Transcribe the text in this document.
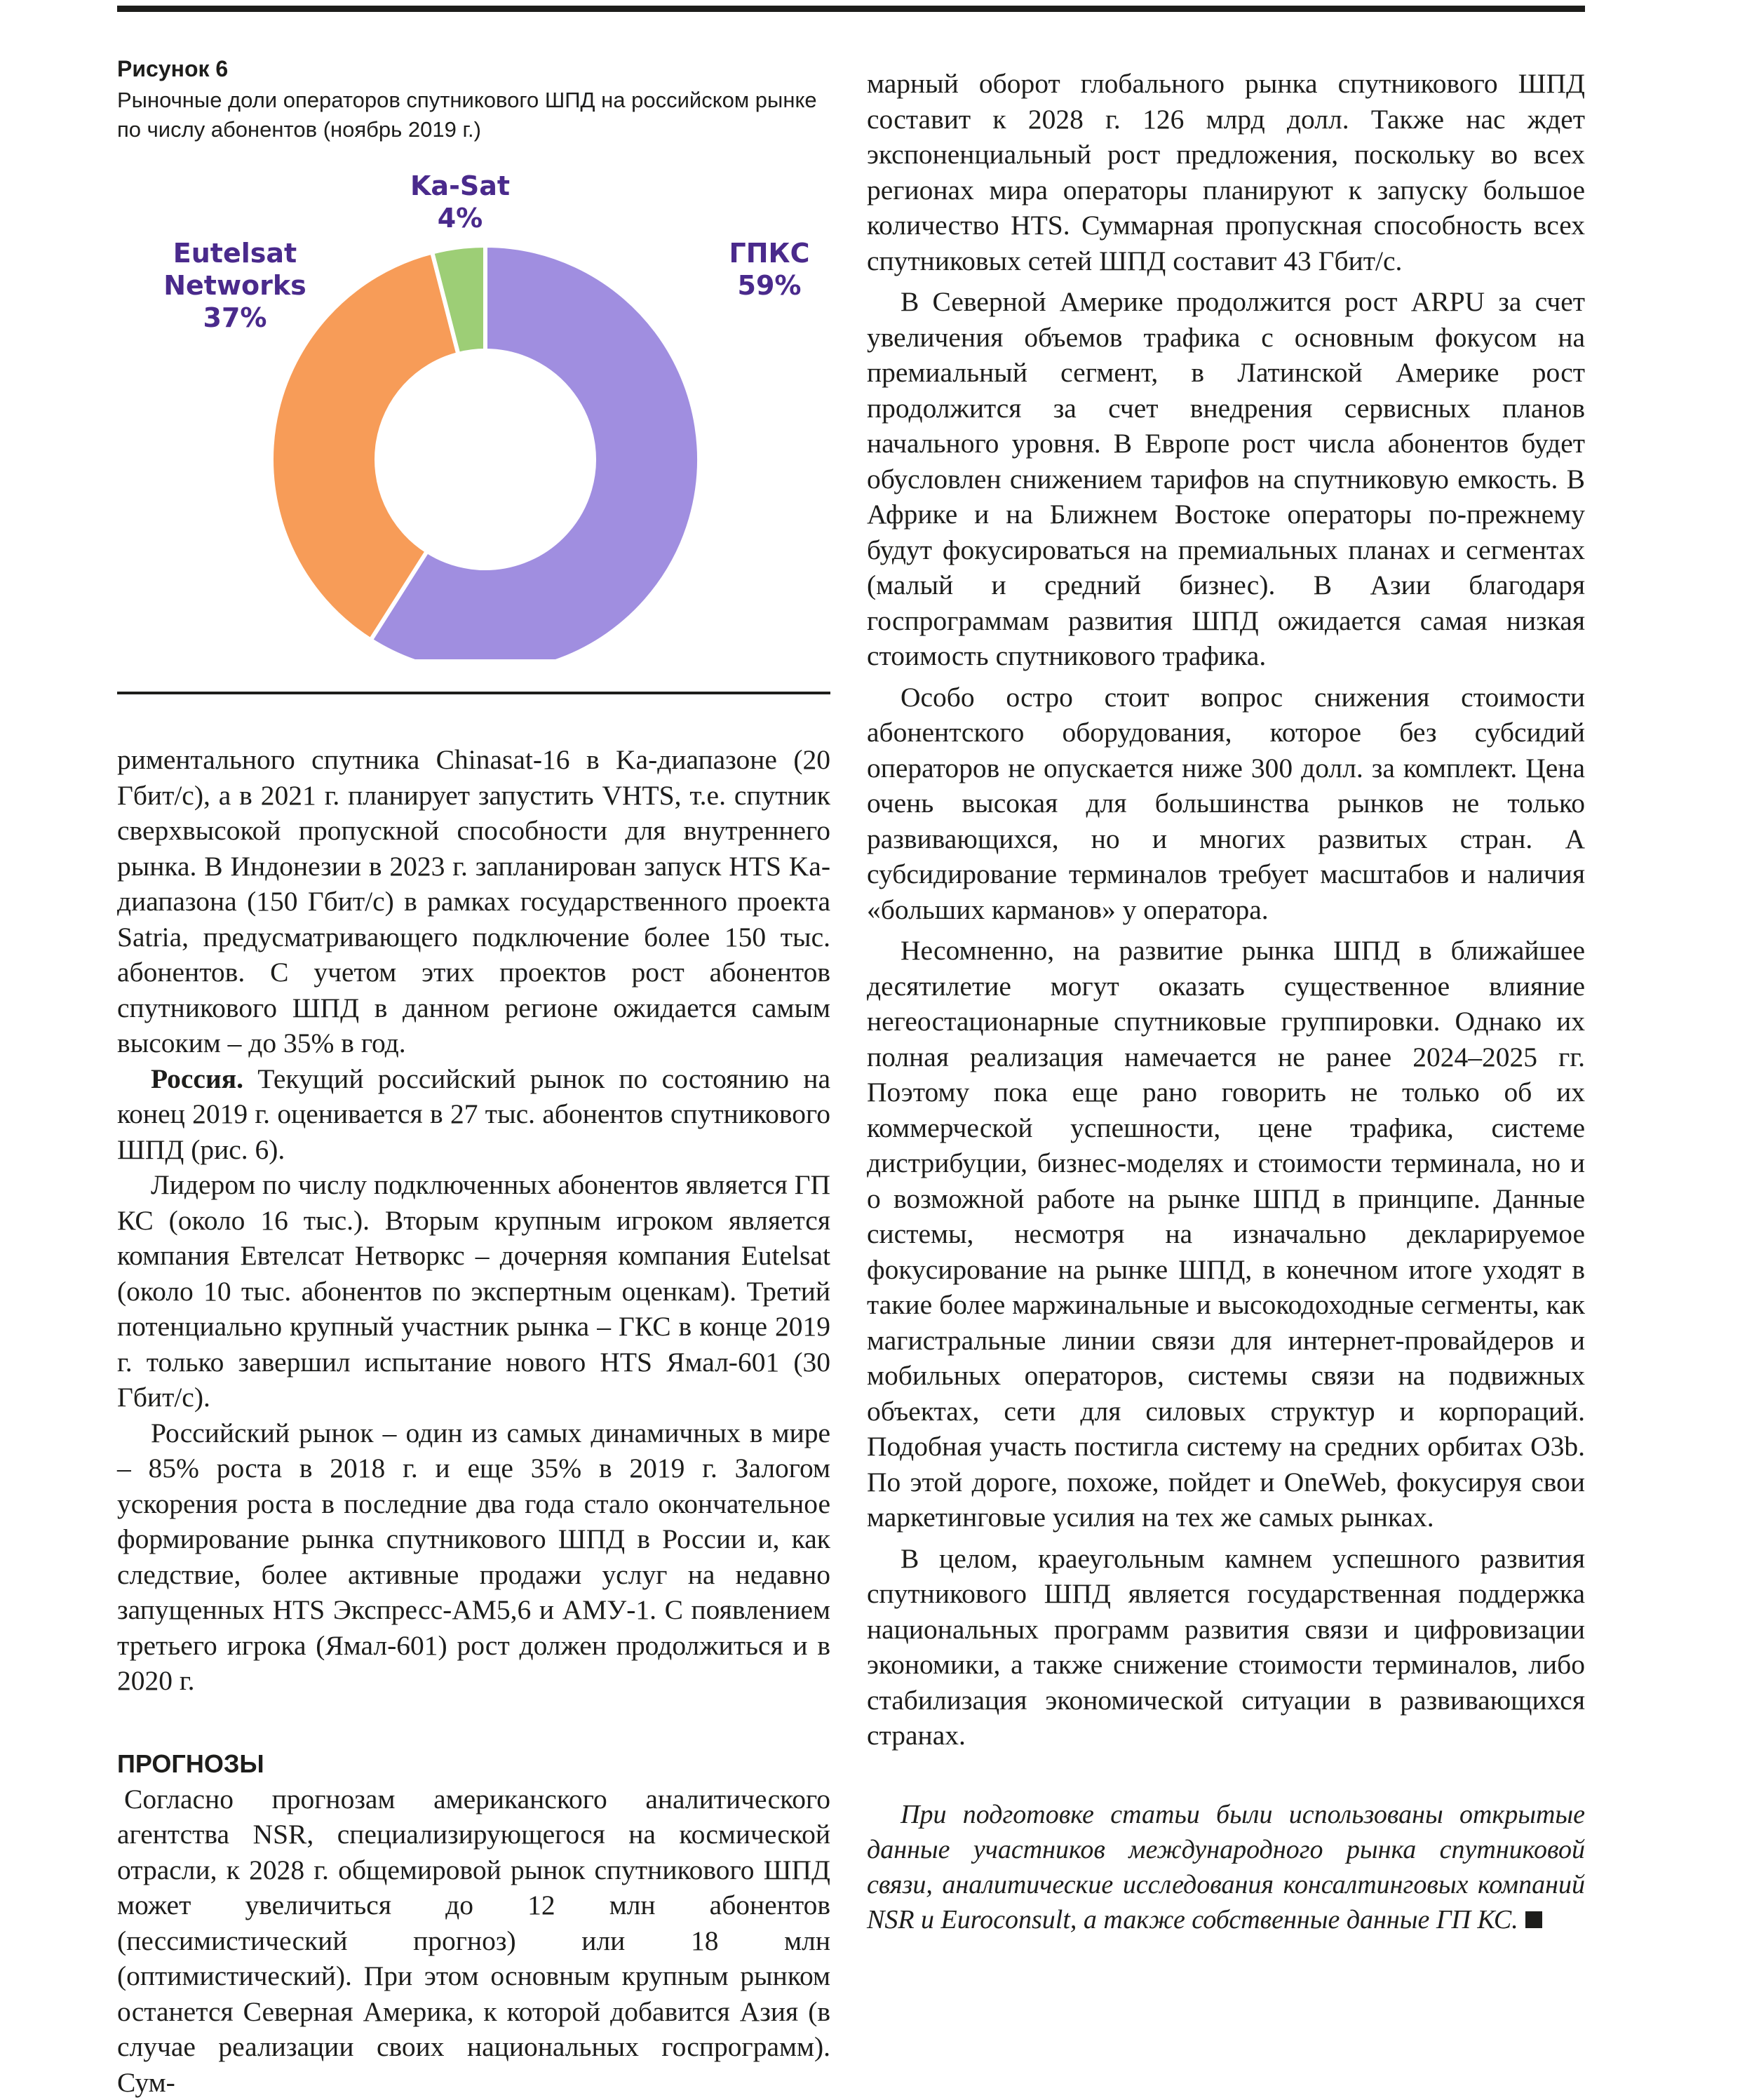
Рисунок 6
Рыночные доли операторов спутникового ШПД на российском рынке по числу абонентов (ноябрь 2019 г.)
ГПКС
59%
Eutelsat
Networks
37%
Ka-Sat
4%

риментального спутника Chinasat-16 в Ka-диапазоне (20 Гбит/с), а в 2021 г. планирует запустить VHTS, т.е. спутник сверхвысокой пропускной способности для внутреннего рынка. В Индонезии в 2023 г. запланирован запуск HTS Ka-диапазона (150 Гбит/с) в рамках государственного проекта Satria, предусматривающего подключение более 150 тыс. абонентов. С учетом этих проектов рост абонентов спутникового ШПД в данном регионе ожидается самым высоким – до 35% в год.

Россия. Текущий российский рынок по состоянию на конец 2019 г. оценивается в 27 тыс. абонентов спутникового ШПД (рис. 6).

Лидером по числу подключенных абонентов является ГП КС (около 16 тыс.). Вторым крупным игроком является компания Евтелсат Нетворкс – дочерняя компания Eutelsat (около 10 тыс. абонентов по экспертным оценкам). Третий потенциально крупный участник рынка – ГКС в конце 2019 г. только завершил испытание нового HTS Ямал-601 (30 Гбит/с).

Российский рынок – один из самых динамичных в мире – 85% роста в 2018 г. и еще 35% в 2019 г. Залогом ускорения роста в последние два года стало окончательное формирование рынка спутникового ШПД в России и, как следствие, более активные продажи услуг на недавно запущенных HTS Экспресс-АМ5,6 и АМУ-1. С появлением третьего игрока (Ямал-601) рост должен продолжиться и в 2020 г.

ПРОГНОЗЫ

Согласно прогнозам американского аналитического агентства NSR, специализирующегося на космической отрасли, к 2028 г. общемировой рынок спутникового ШПД может увеличиться до 12 млн абонентов (пессимистический прогноз) или 18 млн (оптимистический). При этом основным крупным рынком останется Северная Америка, к которой добавится Азия (в случае реализации своих национальных госпрограмм). Сум-

марный оборот глобального рынка спутникового ШПД составит к 2028 г. 126 млрд долл. Также нас ждет экспоненциальный рост предложения, поскольку во всех регионах мира операторы планируют к запуску большое количество HTS. Суммарная пропускная способность всех спутниковых сетей ШПД составит 43 Гбит/с.

В Северной Америке продолжится рост ARPU за счет увеличения объемов трафика с основным фокусом на премиальный сегмент, в Латинской Америке рост продолжится за счет внедрения сервисных планов начального уровня. В Европе рост числа абонентов будет обусловлен снижением тарифов на спутниковую емкость. В Африке и на Ближнем Востоке операторы по-прежнему будут фокусироваться на премиальных планах и сегментах (малый и средний бизнес). В Азии благодаря госпрограммам развития ШПД ожидается самая низкая стоимость спутникового трафика.

Особо остро стоит вопрос снижения стоимости абонентского оборудования, которое без субсидий операторов не опускается ниже 300 долл. за комплект. Цена очень высокая для большинства рынков не только развивающихся, но и многих развитых стран. А субсидирование терминалов требует масштабов и наличия «больших карманов» у оператора.

Несомненно, на развитие рынка ШПД в ближайшее десятилетие могут оказать существенное влияние негеостационарные спутниковые группировки. Однако их полная реализация намечается не ранее 2024–2025 гг. Поэтому пока еще рано говорить не только об их коммерческой успешности, цене трафика, системе дистрибуции, бизнес-моделях и стоимости терминала, но и о возможной работе на рынке ШПД в принципе. Данные системы, несмотря на изначально декларируемое фокусирование на рынке ШПД, в конечном итоге уходят в такие более маржинальные и высокодоходные сегменты, как магистральные линии связи для интернет-провайдеров и мобильных операторов, системы связи на подвижных объектах, сети для силовых структур и корпораций. Подобная участь постигла систему на средних орбитах O3b. По этой дороге, похоже, пойдет и OneWeb, фокусируя свои маркетинговые усилия на тех же самых рынках.

В целом, краеугольным камнем успешного развития спутникового ШПД является государственная поддержка национальных программ развития связи и цифровизации экономики, а также снижение стоимости терминалов, либо стабилизация экономической ситуации в развивающихся странах.

При подготовке статьи были использованы открытые данные участников международного рынка спутниковой связи, аналитические исследования консалтинговых компаний NSR и Euroconsult, а также собственные данные ГП КС.
